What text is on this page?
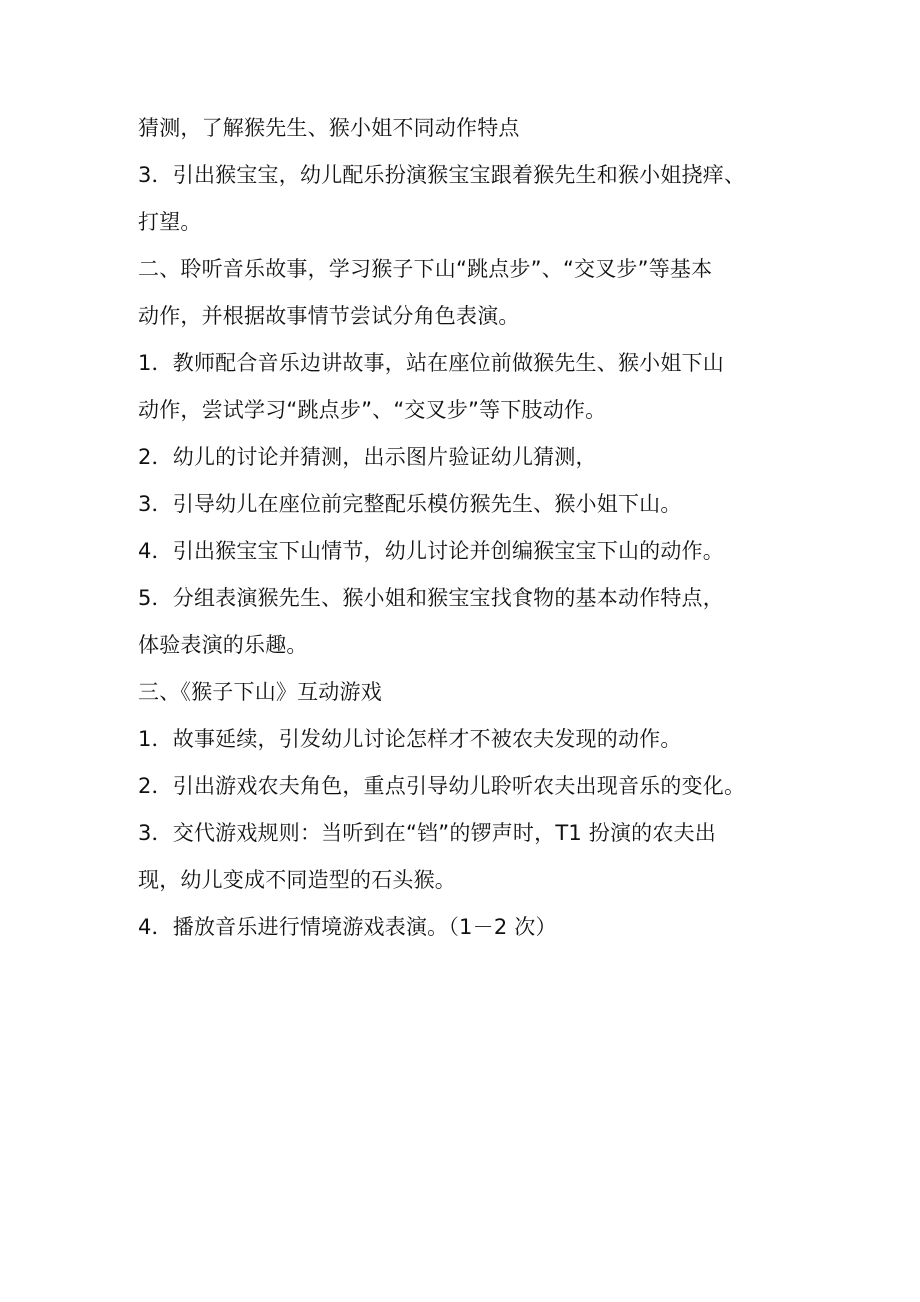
猜测，了解猴先生、猴小姐不同动作特点
3．引出猴宝宝，幼儿配乐扮演猴宝宝跟着猴先生和猴小姐挠痒、
打望。
二、聆听音乐故事，学习猴子下山“跳点步”、“交叉步”等基本
动作，并根据故事情节尝试分角色表演。
1．教师配合音乐边讲故事，站在座位前做猴先生、猴小姐下山
动作，尝试学习“跳点步”、“交叉步”等下肢动作。
2．幼儿的讨论并猜测，出示图片验证幼儿猜测，
3．引导幼儿在座位前完整配乐模仿猴先生、猴小姐下山。
4．引出猴宝宝下山情节，幼儿讨论并创编猴宝宝下山的动作。
5．分组表演猴先生、猴小姐和猴宝宝找食物的基本动作特点，
体验表演的乐趣。
三、《猴子下山》互动游戏
1．故事延续，引发幼儿讨论怎样才不被农夫发现的动作。
2．引出游戏农夫角色，重点引导幼儿聆听农夫出现音乐的变化。
3．交代游戏规则：当听到在“铛”的锣声时，T1 扮演的农夫出
现，幼儿变成不同造型的石头猴。
4．播放音乐进行情境游戏表演。（1－2 次）
